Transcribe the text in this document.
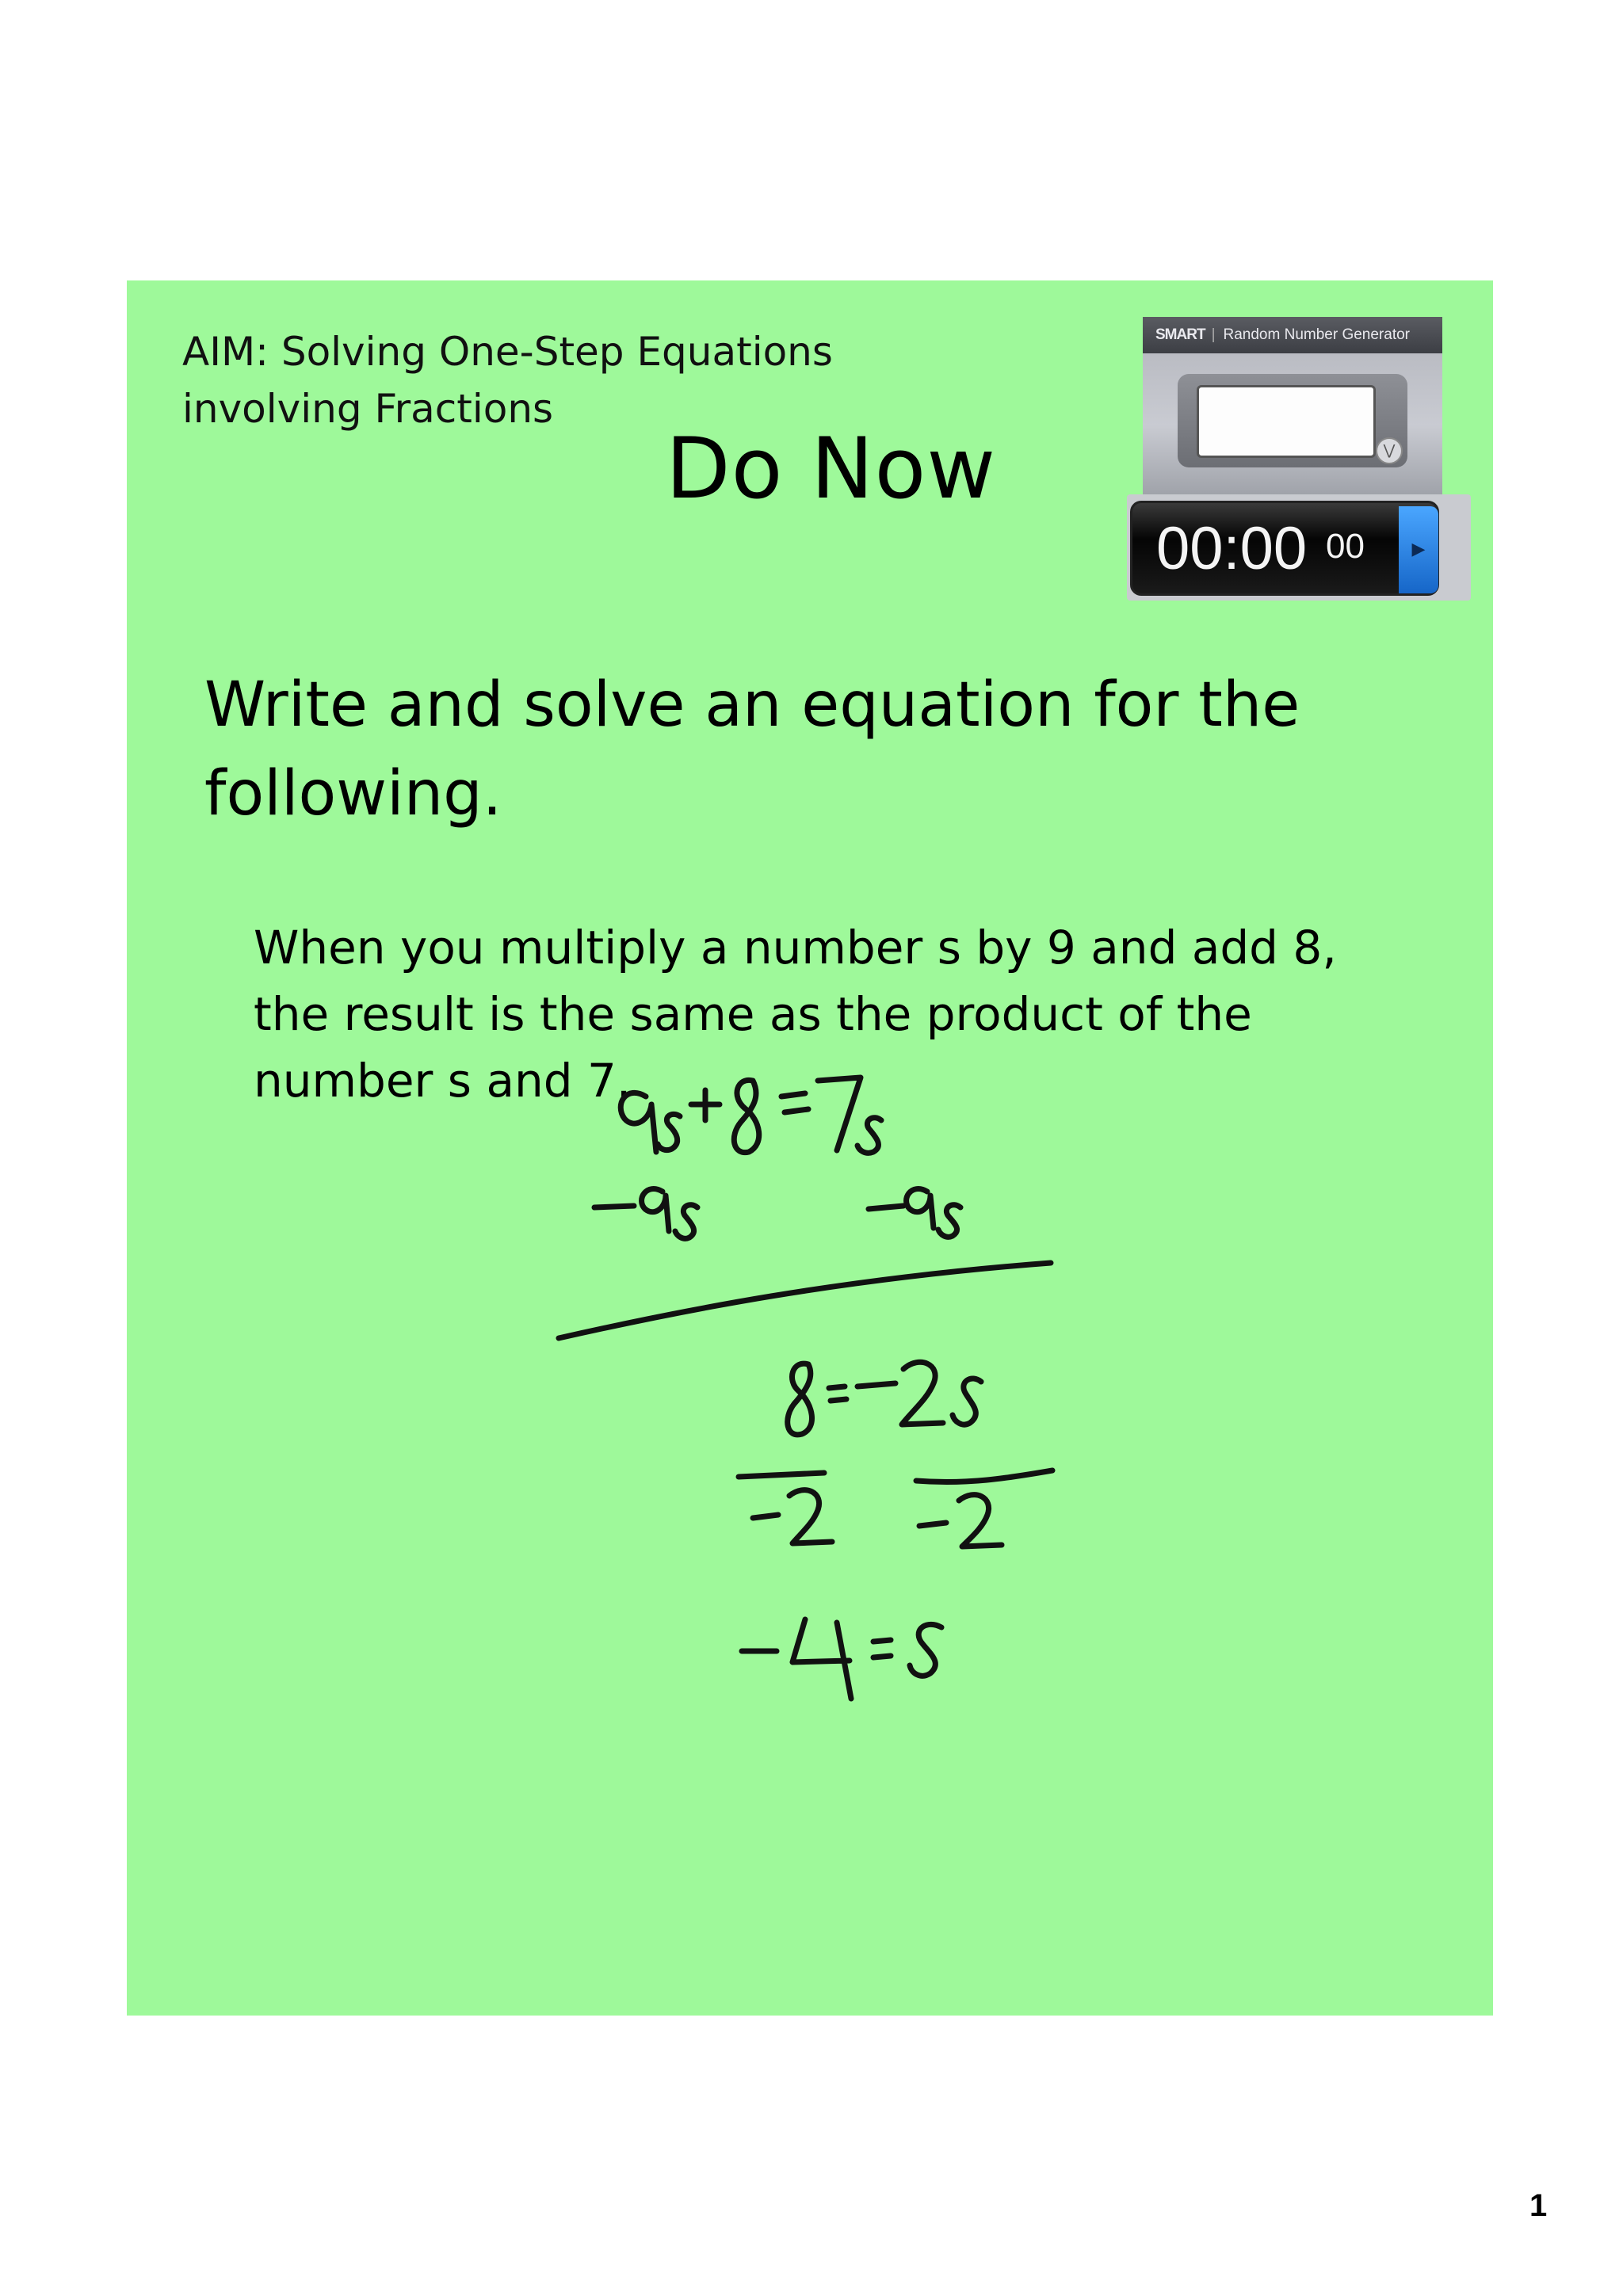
AIM: Solving One-Step Equations
involving Fractions
Do Now
SMART | Random Number Generator
⋁
00:00 00	▶
Write and solve an equation for the following.
When you multiply a number s by 9 and add 8, the result is the same as the product of the number s and 7.
1
